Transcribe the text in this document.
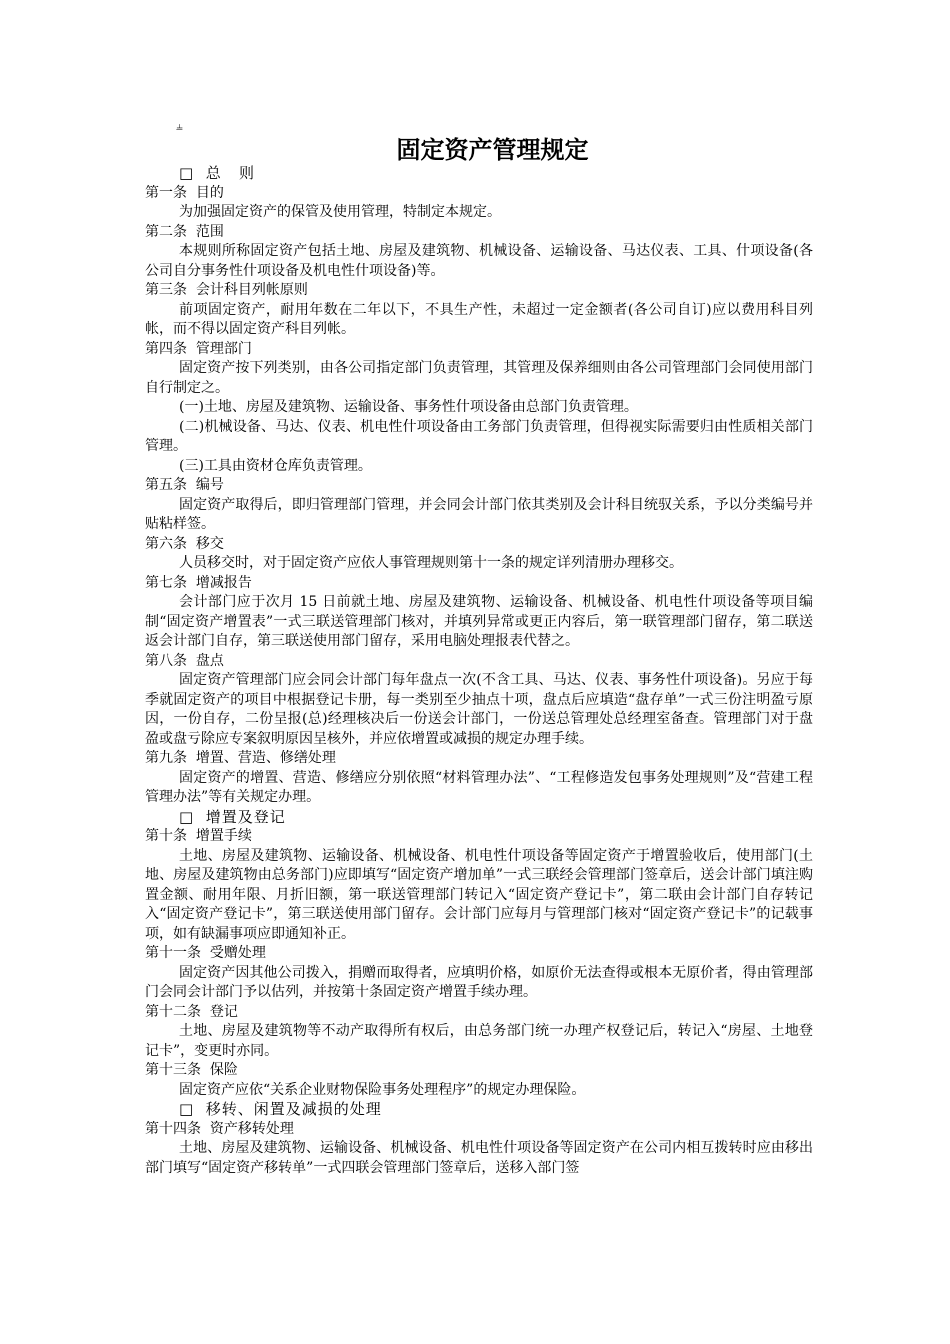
⫨
固定资产管理规定
□  总   则
第一条  目的
为加强固定资产的保管及使用管理，特制定本规定。
第二条  范围
本规则所称固定资产包括土地、房屋及建筑物、机械设备、运输设备、马达仪表、工具、什项设备(各公司自分事务性什项设备及机电性什项设备)等。
第三条  会计科目列帐原则
前项固定资产，耐用年数在二年以下，不具生产性，未超过一定金额者(各公司自订)应以费用科目列帐，而不得以固定资产科目列帐。
第四条  管理部门
固定资产按下列类别，由各公司指定部门负责管理，其管理及保养细则由各公司管理部门会同使用部门自行制定之。
(一)土地、房屋及建筑物、运输设备、事务性什项设备由总部门负责管理。
(二)机械设备、马达、仪表、机电性什项设备由工务部门负责管理，但得视实际需要归由性质相关部门管理。
(三)工具由资材仓库负责管理。
第五条  编号
固定资产取得后，即归管理部门管理，并会同会计部门依其类别及会计科目统驭关系，予以分类编号并贴粘样签。
第六条  移交
人员移交时，对于固定资产应依人事管理规则第十一条的规定详列清册办理移交。
第七条  增减报告
会计部门应于次月 15 日前就土地、房屋及建筑物、运输设备、机械设备、机电性什项设备等项目编制“固定资产增置表”一式三联送管理部门核对，并填列异常或更正内容后，第一联管理部门留存，第二联送返会计部门自存，第三联送使用部门留存，采用电脑处理报表代替之。
第八条  盘点
固定资产管理部门应会同会计部门每年盘点一次(不含工具、马达、仪表、事务性什项设备)。另应于每季就固定资产的项目中根据登记卡册，每一类别至少抽点十项，盘点后应填造“盘存单”一式三份注明盈亏原因，一份自存，二份呈报(总)经理核决后一份送会计部门，一份送总管理处总经理室备查。管理部门对于盘盈或盘亏除应专案叙明原因呈核外，并应依增置或减损的规定办理手续。
第九条  增置、营造、修缮处理
固定资产的增置、营造、修缮应分别依照“材料管理办法”、“工程修造发包事务处理规则”及“营建工程管理办法”等有关规定办理。
□  增置及登记
第十条  增置手续
土地、房屋及建筑物、运输设备、机械设备、机电性什项设备等固定资产于增置验收后，使用部门(土地、房屋及建筑物由总务部门)应即填写“固定资产增加单”一式三联经会管理部门签章后，送会计部门填注购置金额、耐用年限、月折旧额，第一联送管理部门转记入“固定资产登记卡”，第二联由会计部门自存转记入“固定资产登记卡”，第三联送使用部门留存。会计部门应每月与管理部门核对“固定资产登记卡”的记载事项，如有缺漏事项应即通知补正。
第十一条  受赠处理
固定资产因其他公司拨入，捐赠而取得者，应填明价格，如原价无法查得或根本无原价者，得由管理部门会同会计部门予以估列，并按第十条固定资产增置手续办理。
第十二条  登记
土地、房屋及建筑物等不动产取得所有权后，由总务部门统一办理产权登记后，转记入“房屋、土地登记卡”，变更时亦同。
第十三条  保险
固定资产应依“关系企业财物保险事务处理程序”的规定办理保险。
□  移转、闲置及减损的处理
第十四条  资产移转处理
土地、房屋及建筑物、运输设备、机械设备、机电性什项设备等固定资产在公司内相互拨转时应由移出部门填写“固定资产移转单”一式四联会管理部门签章后，送移入部门签
